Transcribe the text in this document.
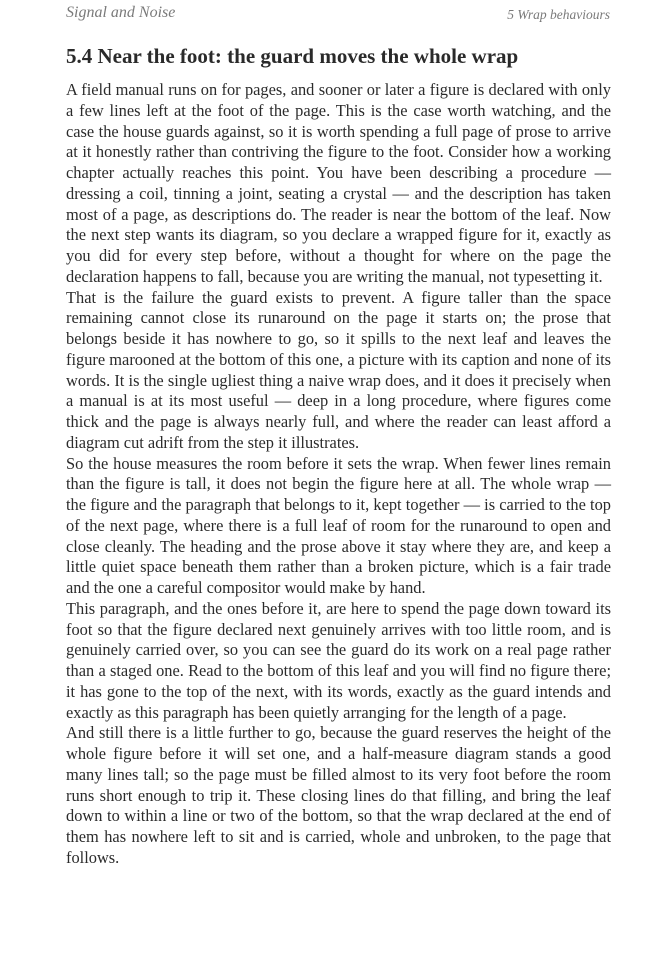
Signal and Noise	5 Wrap behaviours
5.4 Near the foot: the guard moves the whole wrap

A field manual runs on for pages, and sooner or later a figure is declared with only a few lines left at the foot of the page. This is the case worth watching, and the case the house guards against, so it is worth spending a full page of prose to arrive at it honestly rather than contriving the figure to the foot. Consider how a working chapter actually reaches this point. You have been describing a procedure — dressing a coil, tinning a joint, seating a crystal — and the description has taken most of a page, as descriptions do. The reader is near the bottom of the leaf. Now the next step wants its diagram, so you declare a wrapped figure for it, exactly as you did for every step before, without a thought for where on the page the declaration happens to fall, because you are writing the manual, not typesetting it.

That is the failure the guard exists to prevent. A figure taller than the space remaining cannot close its runaround on the page it starts on; the prose that belongs beside it has nowhere to go, so it spills to the next leaf and leaves the figure marooned at the bottom of this one, a picture with its caption and none of its words. It is the single ugliest thing a naive wrap does, and it does it precisely when a manual is at its most useful — deep in a long procedure, where figures come thick and the page is always nearly full, and where the reader can least afford a diagram cut adrift from the step it illustrates.

So the house measures the room before it sets the wrap. When fewer lines remain than the figure is tall, it does not begin the figure here at all. The whole wrap — the figure and the paragraph that belongs to it, kept together — is carried to the top of the next page, where there is a full leaf of room for the runaround to open and close cleanly. The heading and the prose above it stay where they are, and keep a little quiet space beneath them rather than a broken picture, which is a fair trade and the one a careful compositor would make by hand.

This paragraph, and the ones before it, are here to spend the page down toward its foot so that the figure declared next genuinely arrives with too little room, and is genuinely carried over, so you can see the guard do its work on a real page rather than a staged one. Read to the bottom of this leaf and you will find no figure there; it has gone to the top of the next, with its words, exactly as the guard intends and exactly as this paragraph has been quietly arranging for the length of a page.

And still there is a little further to go, because the guard reserves the height of the whole figure before it will set one, and a half-measure diagram stands a good many lines tall; so the page must be filled almost to its very foot before the room runs short enough to trip it. These closing lines do that filling, and bring the leaf down to within a line or two of the bottom, so that the wrap declared at the end of them has nowhere left to sit and is carried, whole and unbroken, to the page that follows.
